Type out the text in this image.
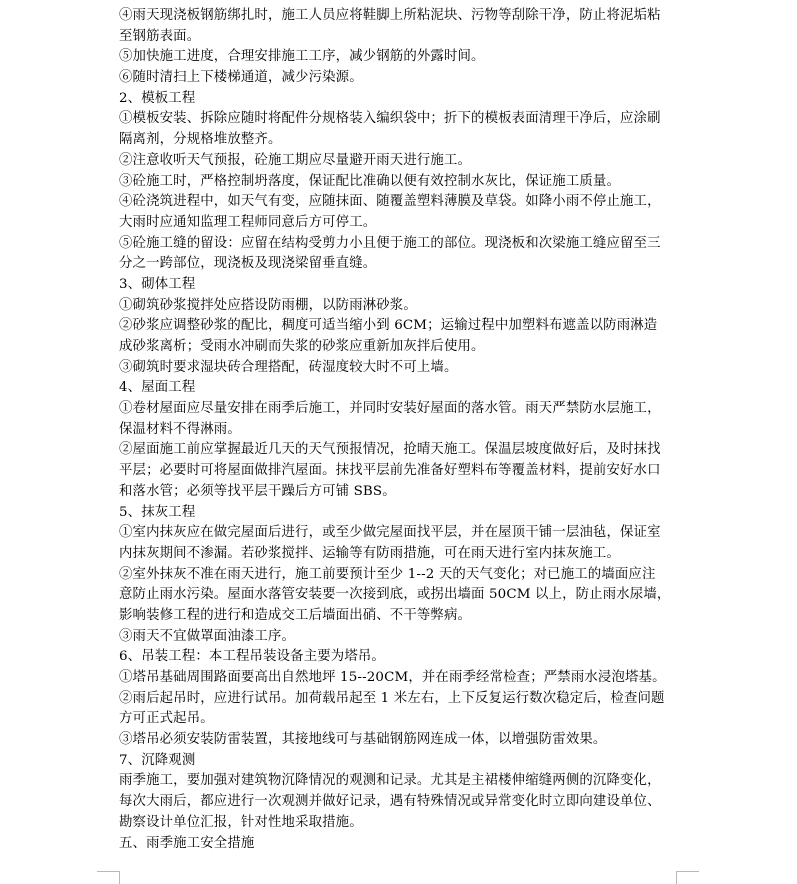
④雨天现浇板钢筋绑扎时，施工人员应将鞋脚上所粘泥块、污物等刮除干净，防止将泥垢粘
至钢筋表面。
⑤加快施工进度，合理安排施工工序，减少钢筋的外露时间。
⑥随时清扫上下楼梯通道，减少污染源。
2、模板工程
①模板安装、拆除应随时将配件分规格装入编织袋中；折下的模板表面清理干净后，应涂刷
隔离剂，分规格堆放整齐。
②注意收听天气预报，砼施工期应尽量避开雨天进行施工。
③砼施工时，严格控制坍落度，保证配比准确以便有效控制水灰比，保证施工质量。
④砼浇筑进程中，如天气有变，应随抹面、随覆盖塑料薄膜及草袋。如降小雨不停止施工，
大雨时应通知监理工程师同意后方可停工。
⑤砼施工缝的留设：应留在结构受剪力小且便于施工的部位。现浇板和次梁施工缝应留至三
分之一跨部位，现浇板及现浇梁留垂直缝。
3、砌体工程
①砌筑砂浆搅拌处应搭设防雨棚，以防雨淋砂浆。
②砂浆应调整砂浆的配比，稠度可适当缩小到 6CM；运输过程中加塑料布遮盖以防雨淋造
成砂浆离析；受雨水冲刷而失浆的砂浆应重新加灰拌后使用。
③砌筑时要求湿块砖合理搭配，砖湿度较大时不可上墙。
4、屋面工程
①卷材屋面应尽量安排在雨季后施工，并同时安装好屋面的落水管。雨天严禁防水层施工，
保温材料不得淋雨。
②屋面施工前应掌握最近几天的天气预报情况，抢晴天施工。保温层坡度做好后，及时抹找
平层；必要时可将屋面做排汽屋面。抹找平层前先准备好塑料布等覆盖材料，提前安好水口
和落水管；必须等找平层干躁后方可铺 SBS。
5、抹灰工程
①室内抹灰应在做完屋面后进行，或至少做完屋面找平层，并在屋顶干铺一层油毡，保证室
内抹灰期间不渗漏。若砂浆搅拌、运输等有防雨措施，可在雨天进行室内抹灰施工。
②室外抹灰不准在雨天进行，施工前要预计至少 1--2 天的天气变化；对已施工的墙面应注
意防止雨水污染。屋面水落管安装要一次接到底，或拐出墙面 50CM 以上，防止雨水尿墙，
影响装修工程的进行和造成交工后墙面出硝、不干等弊病。
③雨天不宜做罩面油漆工序。
6、吊装工程：本工程吊装设备主要为塔吊。
①塔吊基础周围路面要高出自然地坪 15--20CM，并在雨季经常检查；严禁雨水浸泡塔基。
②雨后起吊时，应进行试吊。加荷载吊起至 1 米左右，上下反复运行数次稳定后，检查问题
方可正式起吊。
③塔吊必须安装防雷装置，其接地线可与基础钢筋网连成一体，以增强防雷效果。
7、沉降观测
雨季施工，要加强对建筑物沉降情况的观测和记录。尤其是主裙楼伸缩缝两侧的沉降变化，
每次大雨后，都应进行一次观测并做好记录，遇有特殊情况或异常变化时立即向建设单位、
勘察设计单位汇报，针对性地采取措施。
五、雨季施工安全措施
